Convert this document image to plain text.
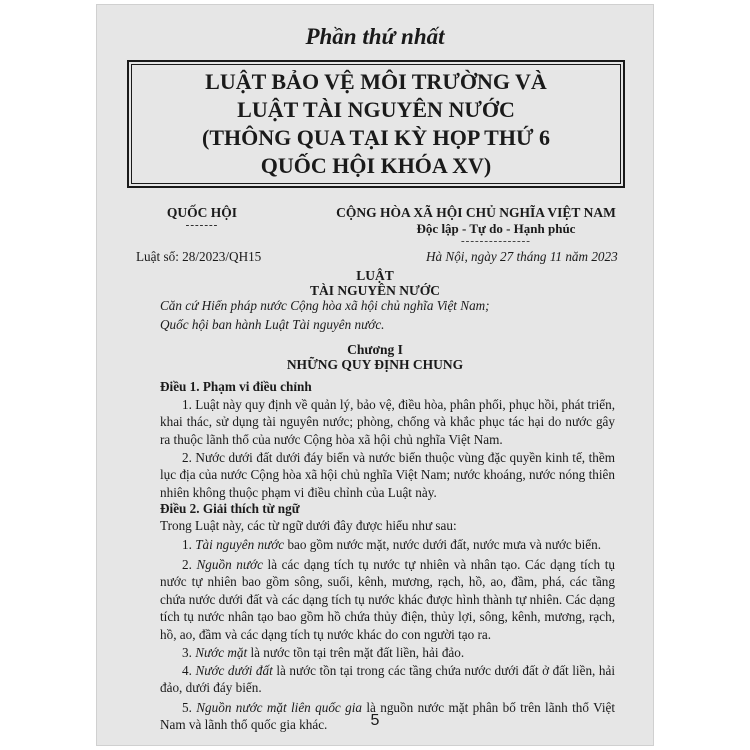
Phần thứ nhất
LUẬT BẢO VỆ MÔI TRƯỜNG VÀ
LUẬT TÀI NGUYÊN NƯỚC
(THÔNG QUA TẠI KỲ HỌP THỨ 6
QUỐC HỘI KHÓA XV)
QUỐC HỘI
-------
CỘNG HÒA XÃ HỘI CHỦ NGHĨA VIỆT NAM
Độc lập - Tự do - Hạnh phúc
---------------
Luật số: 28/2023/QH15	Hà Nội, ngày 27 tháng 11 năm 2023
LUẬT
TÀI NGUYÊN NƯỚC
Căn cứ Hiến pháp nước Cộng hòa xã hội chủ nghĩa Việt Nam;
Quốc hội ban hành Luật Tài nguyên nước.
Chương I
NHỮNG QUY ĐỊNH CHUNG
Điều 1. Phạm vi điều chỉnh
1. Luật này quy định về quản lý, bảo vệ, điều hòa, phân phối, phục hồi, phát triển, khai thác, sử dụng tài nguyên nước; phòng, chống và khắc phục tác hại do nước gây ra thuộc lãnh thổ của nước Cộng hòa xã hội chủ nghĩa Việt Nam.
2. Nước dưới đất dưới đáy biển và nước biển thuộc vùng đặc quyền kinh tế, thềm lục địa của nước Cộng hòa xã hội chủ nghĩa Việt Nam; nước khoáng, nước nóng thiên nhiên không thuộc phạm vi điều chỉnh của Luật này.
Điều 2. Giải thích từ ngữ
Trong Luật này, các từ ngữ dưới đây được hiểu như sau:
1. Tài nguyên nước bao gồm nước mặt, nước dưới đất, nước mưa và nước biển.
2. Nguồn nước là các dạng tích tụ nước tự nhiên và nhân tạo. Các dạng tích tụ nước tự nhiên bao gồm sông, suối, kênh, mương, rạch, hồ, ao, đầm, phá, các tầng chứa nước dưới đất và các dạng tích tụ nước khác được hình thành tự nhiên. Các dạng tích tụ nước nhân tạo bao gồm hồ chứa thủy điện, thủy lợi, sông, kênh, mương, rạch, hồ, ao, đầm và các dạng tích tụ nước khác do con người tạo ra.
3. Nước mặt là nước tồn tại trên mặt đất liền, hải đảo.
4. Nước dưới đất là nước tồn tại trong các tầng chứa nước dưới đất ở đất liền, hải đảo, dưới đáy biển.
5. Nguồn nước mặt liên quốc gia là nguồn nước mặt phân bố trên lãnh thổ Việt Nam và lãnh thổ quốc gia khác.	5
